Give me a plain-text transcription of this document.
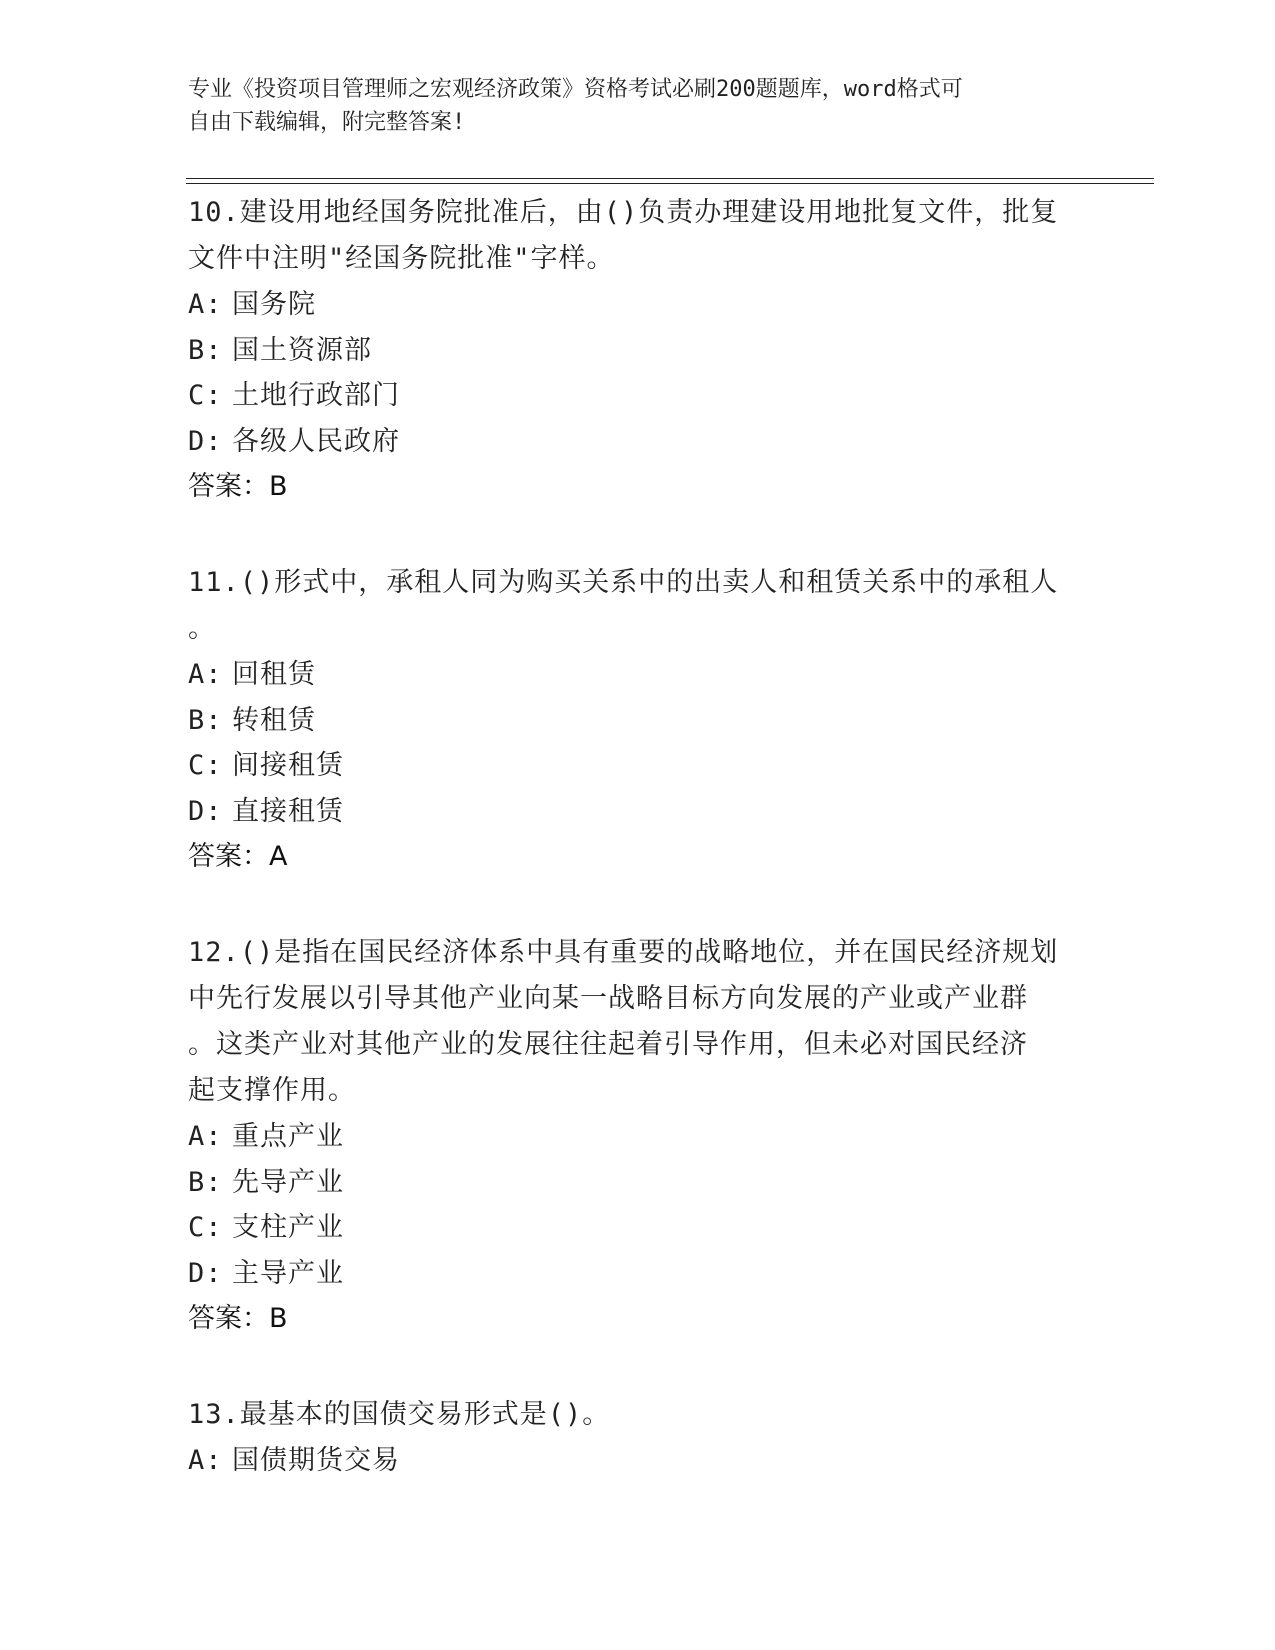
专业《投资项目管理师之宏观经济政策》资格考试必刷200题题库，word格式可
自由下载编辑，附完整答案!
10.建设用地经国务院批准后，由()负责办理建设用地批复文件，批复
文件中注明"经国务院批准"字样。
A: 国务院
B: 国土资源部
C: 土地行政部门
D: 各级人民政府
答案：B
11.()形式中，承租人同为购买关系中的出卖人和租赁关系中的承租人
。
A: 回租赁
B: 转租赁
C: 间接租赁
D: 直接租赁
答案：A
12.()是指在国民经济体系中具有重要的战略地位，并在国民经济规划
中先行发展以引导其他产业向某一战略目标方向发展的产业或产业群
。这类产业对其他产业的发展往往起着引导作用，但未必对国民经济
起支撑作用。
A: 重点产业
B: 先导产业
C: 支柱产业
D: 主导产业
答案：B
13.最基本的国债交易形式是()。
A: 国债期货交易
